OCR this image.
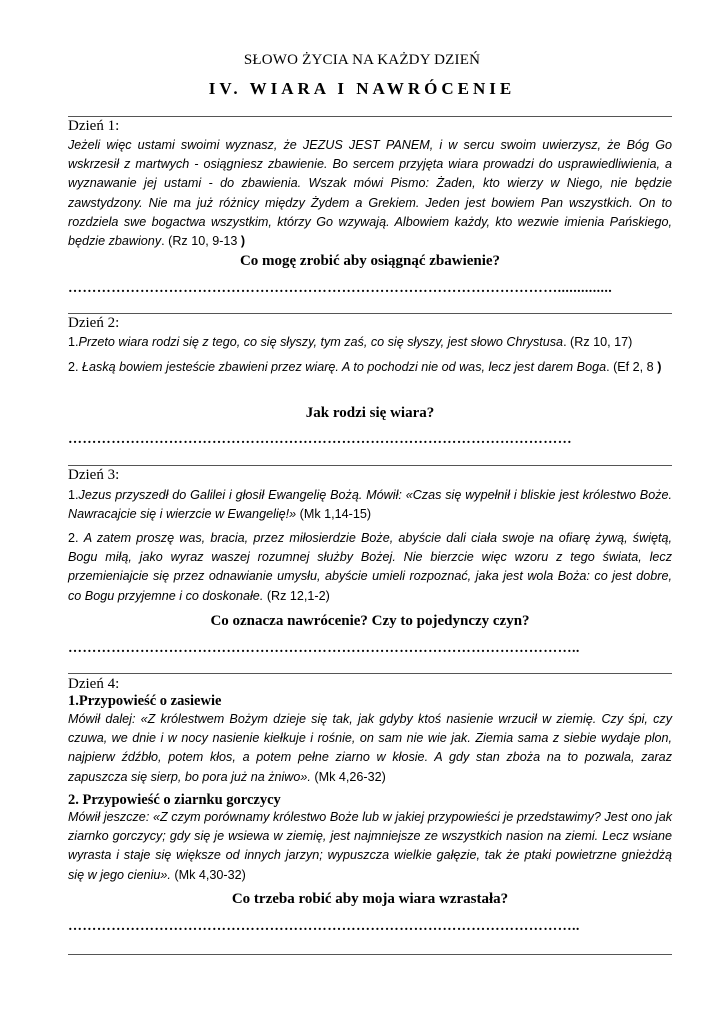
SŁOWO ŻYCIA NA KAŻDY DZIEŃ
IV. WIARA I NAWRÓCENIE
Dzień 1:
Jeżeli więc ustami swoimi wyznasz, że JEZUS JEST PANEM, i w sercu swoim uwierzysz, że Bóg Go wskrzesił z martwych - osiągniesz zbawienie. Bo sercem przyjęta wiara prowadzi do usprawiedliwienia, a wyznawanie jej ustami - do zbawienia. Wszak mówi Pismo: Żaden, kto wierzy w Niego, nie będzie zawstydzony. Nie ma już różnicy między Żydem a Grekiem. Jeden jest bowiem Pan wszystkich. On to rozdziela swe bogactwa wszystkim, którzy Go wzywają. Albowiem każdy, kto wezwie imienia Pańskiego, będzie zbawiony. (Rz 10, 9-13 )
Co mogę zrobić aby osiągnąć zbawienie?
…………………………………………………………………………………………..............
Dzień 2:
1.Przeto wiara rodzi się z tego, co się słyszy, tym zaś, co się słyszy, jest słowo Chrystusa. (Rz 10, 17)
2. Łaską bowiem jesteście zbawieni przez wiarę. A to pochodzi nie od was, lecz jest darem Boga. (Ef 2, 8 )
Jak rodzi się wiara?
……………………………………………………………………………………………
Dzień 3:
1.Jezus przyszedł do Galilei i głosił Ewangelię Bożą. Mówił: «Czas się wypełnił i bliskie jest królestwo Boże. Nawracajcie się i wierzcie w Ewangelię!» (Mk 1,14-15)
2. A zatem proszę was, bracia, przez miłosierdzie Boże, abyście dali ciała swoje na ofiarę żywą, świętą, Bogu miłą, jako wyraz waszej rozumnej służby Bożej. Nie bierzcie więc wzoru z tego świata, lecz przemieniajcie się przez odnawianie umysłu, abyście umieli rozpoznać, jaka jest wola Boża: co jest dobre, co Bogu przyjemne i co doskonałe. (Rz 12,1-2)
Co oznacza nawrócenie? Czy to pojedynczy czyn?
……………………………………………………………………………………………..
Dzień 4:
1.Przypowieść o zasiewie
Mówił dalej: «Z królestwem Bożym dzieje się tak, jak gdyby ktoś nasienie wrzucił w ziemię. Czy śpi, czy czuwa, we dnie i w nocy nasienie kiełkuje i rośnie, on sam nie wie jak. Ziemia sama z siebie wydaje plon, najpierw źdźbło, potem kłos, a potem pełne ziarno w kłosie. A gdy stan zboża na to pozwala, zaraz zapuszcza się sierp, bo pora już na żniwo». (Mk 4,26-32)
2. Przypowieść o ziarnku gorczycy
Mówił jeszcze: «Z czym porównamy królestwo Boże lub w jakiej przypowieści je przedstawimy? Jest ono jak ziarnko gorczycy; gdy się je wsiewa w ziemię, jest najmniejsze ze wszystkich nasion na ziemi. Lecz wsiane wyrasta i staje się większe od innych jarzyn; wypuszcza wielkie gałęzie, tak że ptaki powietrzne gnieżdżą się w jego cieniu». (Mk 4,30-32)
Co trzeba robić aby moja wiara wzrastała?
……………………………………………………………………………………………..
